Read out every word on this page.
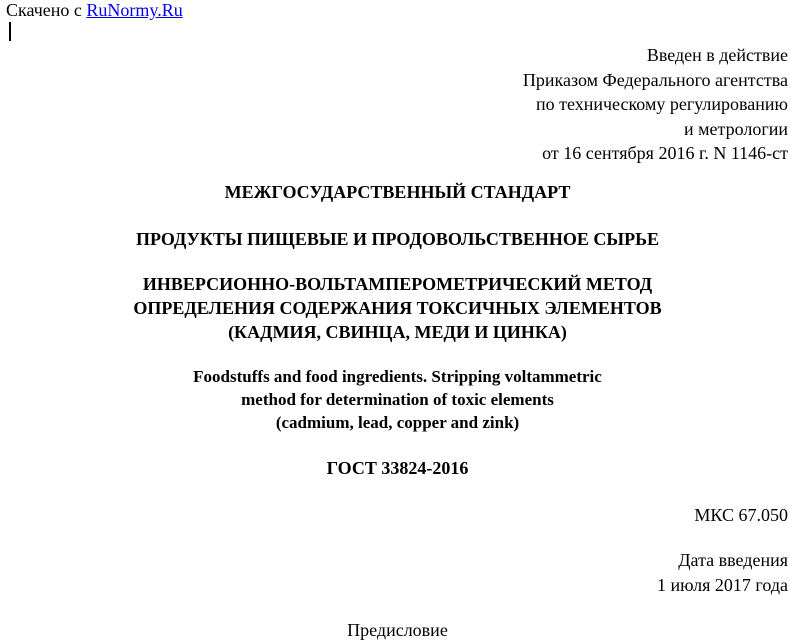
Скачено с RuNormy.Ru
Введен в действие
Приказом Федерального агентства
по техническому регулированию
и метрологии
от 16 сентября 2016 г. N 1146-ст
МЕЖГОСУДАРСТВЕННЫЙ СТАНДАРТ
ПРОДУКТЫ ПИЩЕВЫЕ И ПРОДОВОЛЬСТВЕННОЕ СЫРЬЕ
ИНВЕРСИОННО-ВОЛЬТАМПЕРОМЕТРИЧЕСКИЙ МЕТОД
ОПРЕДЕЛЕНИЯ СОДЕРЖАНИЯ ТОКСИЧНЫХ ЭЛЕМЕНТОВ
(КАДМИЯ, СВИНЦА, МЕДИ И ЦИНКА)
Foodstuffs and food ingredients. Stripping voltammetric
method for determination of toxic elements
(cadmium, lead, copper and zink)
ГОСТ 33824-2016
МКС 67.050
Дата введения
1 июля 2017 года
Предисловие
